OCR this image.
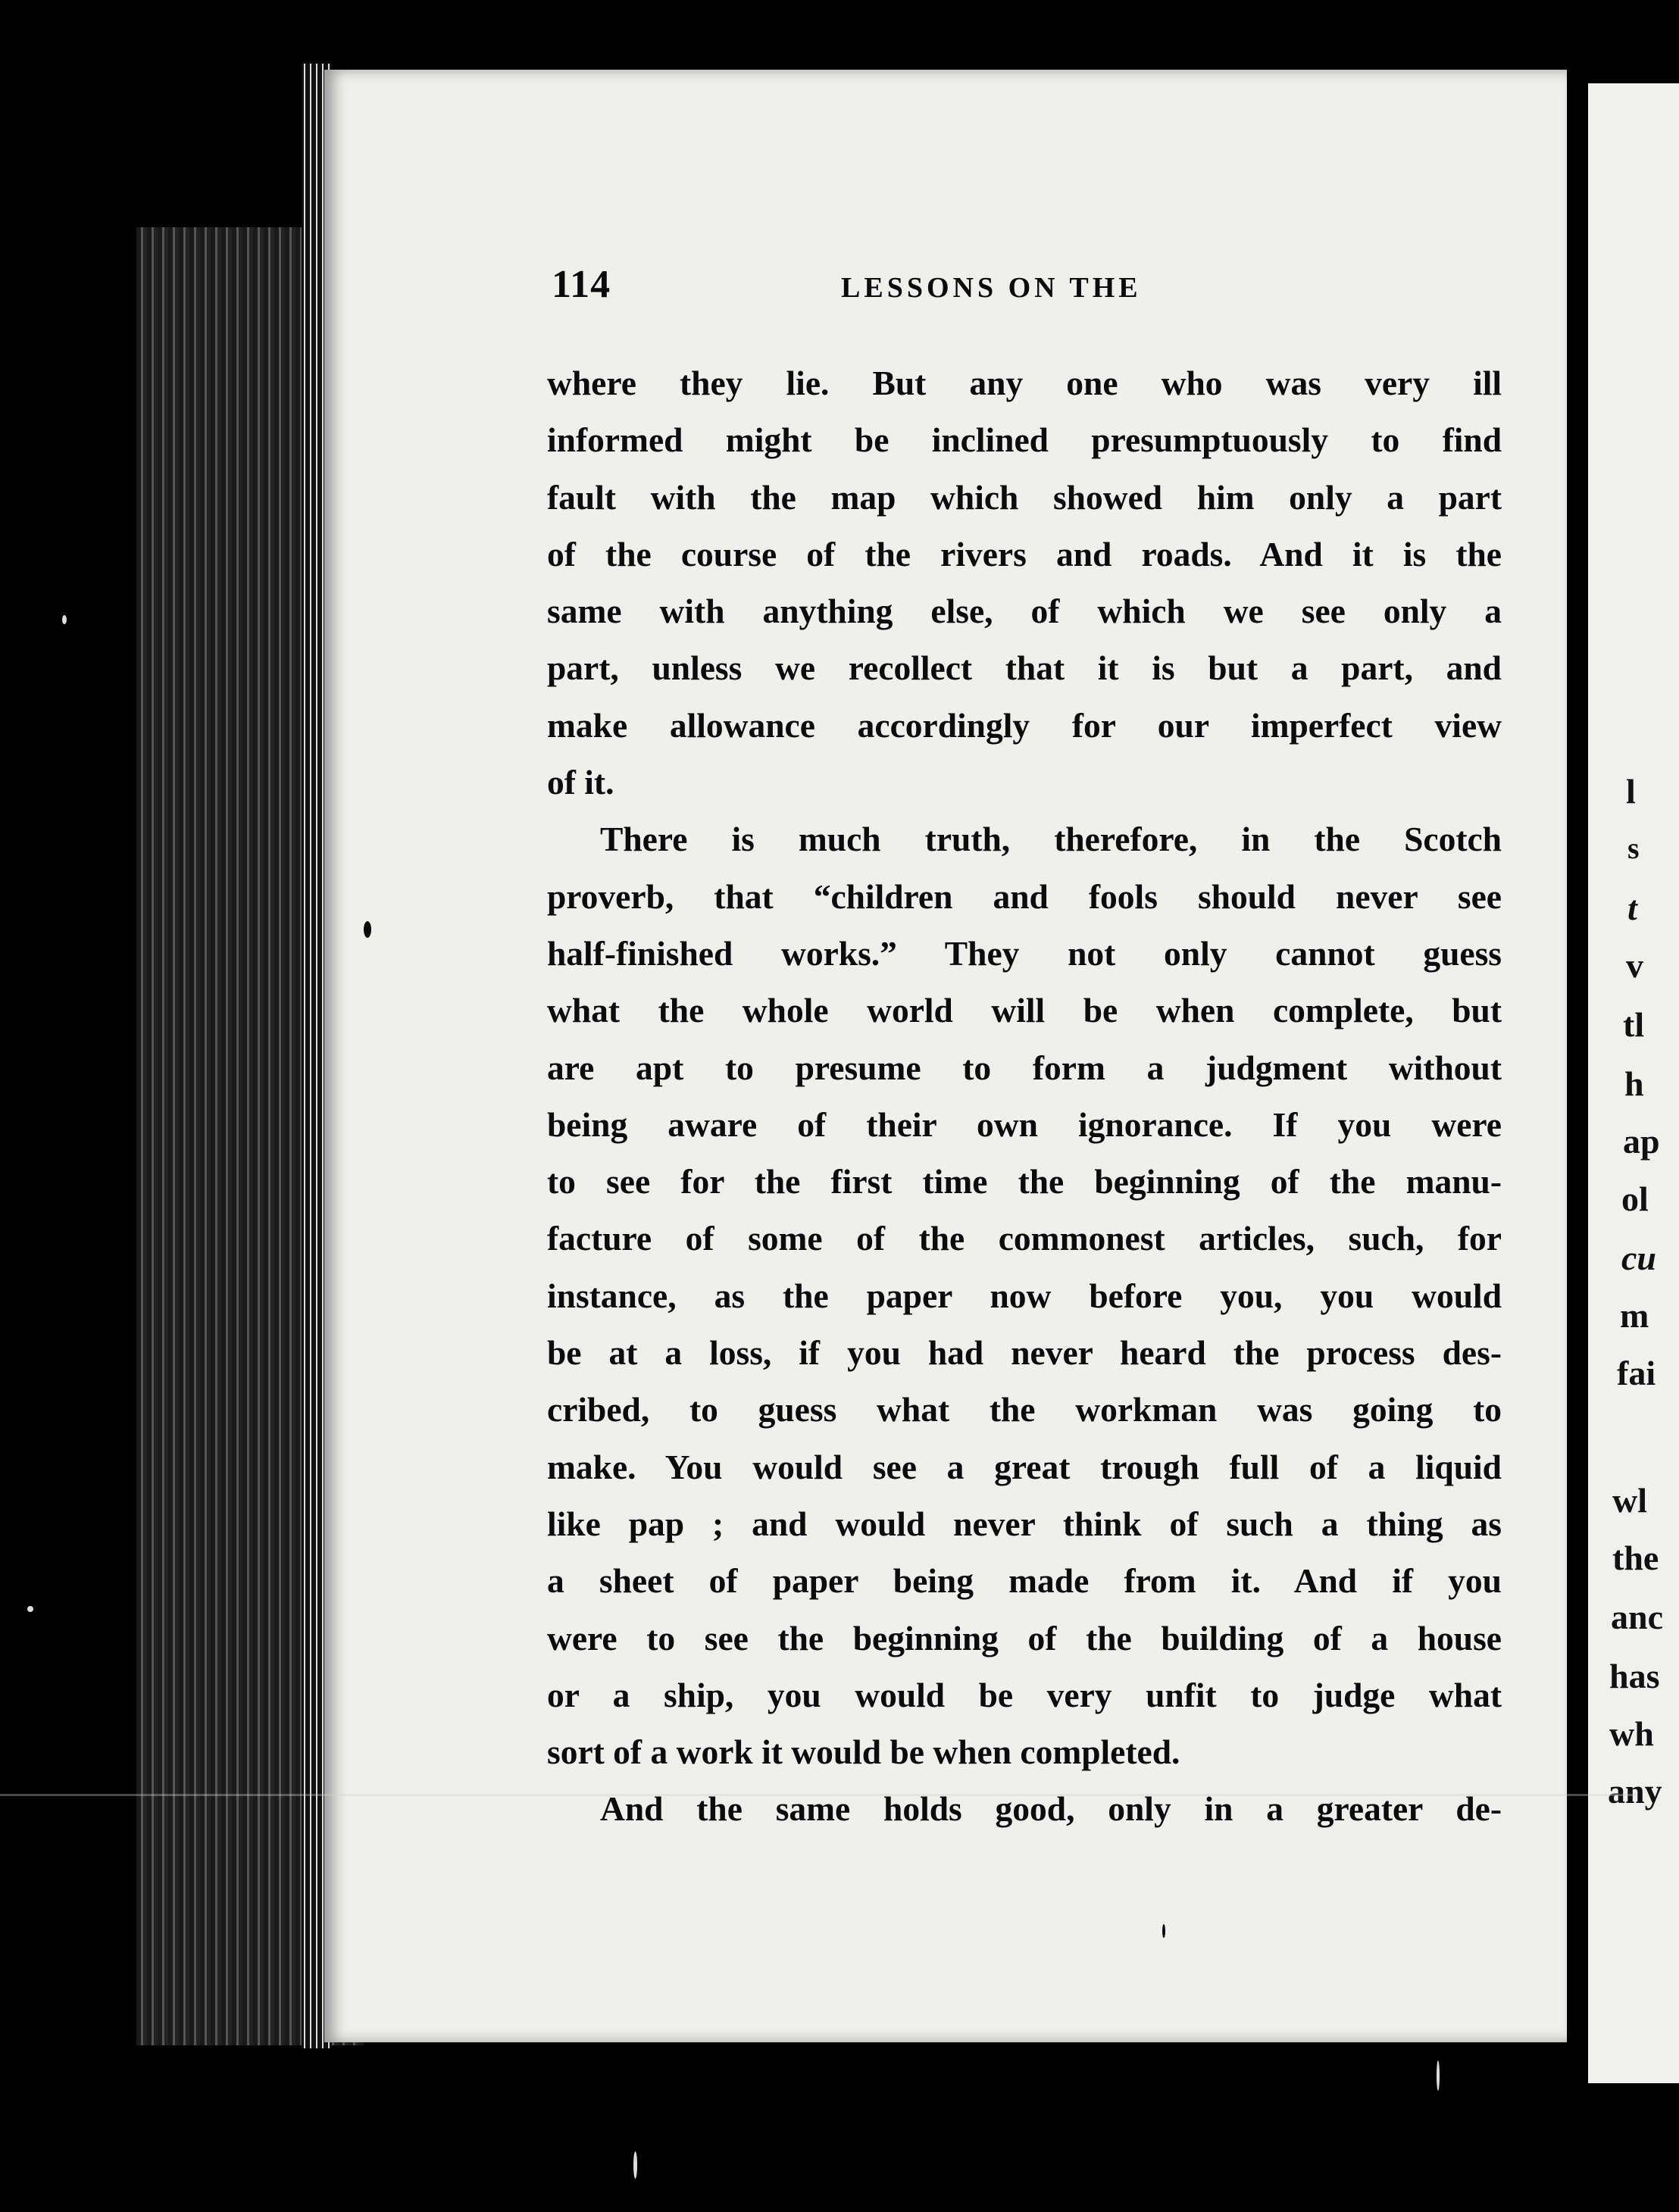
l
s
t
v
tl
h
ap
ol
cu
m
fai
wl
the
anc
has
wh
any
114	LESSONS ON THE
where they lie. But any one who was very ill
informed might be inclined presumptuously to find
fault with the map which showed him only a part
of the course of the rivers and roads. And it is the
same with anything else, of which we see only a
part, unless we recollect that it is but a part, and
make allowance accordingly for our imperfect view
of it.
There is much truth, therefore, in the Scotch
proverb, that “children and fools should never see
half-finished works.” They not only cannot guess
what the whole world will be when complete, but
are apt to presume to form a judgment without
being aware of their own ignorance. If you were
to see for the first time the beginning of the manu-
facture of some of the commonest articles, such, for
instance, as the paper now before you, you would
be at a loss, if you had never heard the process des-
cribed, to guess what the workman was going to
make. You would see a great trough full of a liquid
like pap ; and would never think of such a thing as
a sheet of paper being made from it. And if you
were to see the beginning of the building of a house
or a ship, you would be very unfit to judge what
sort of a work it would be when completed.
And the same holds good, only in a greater de-
